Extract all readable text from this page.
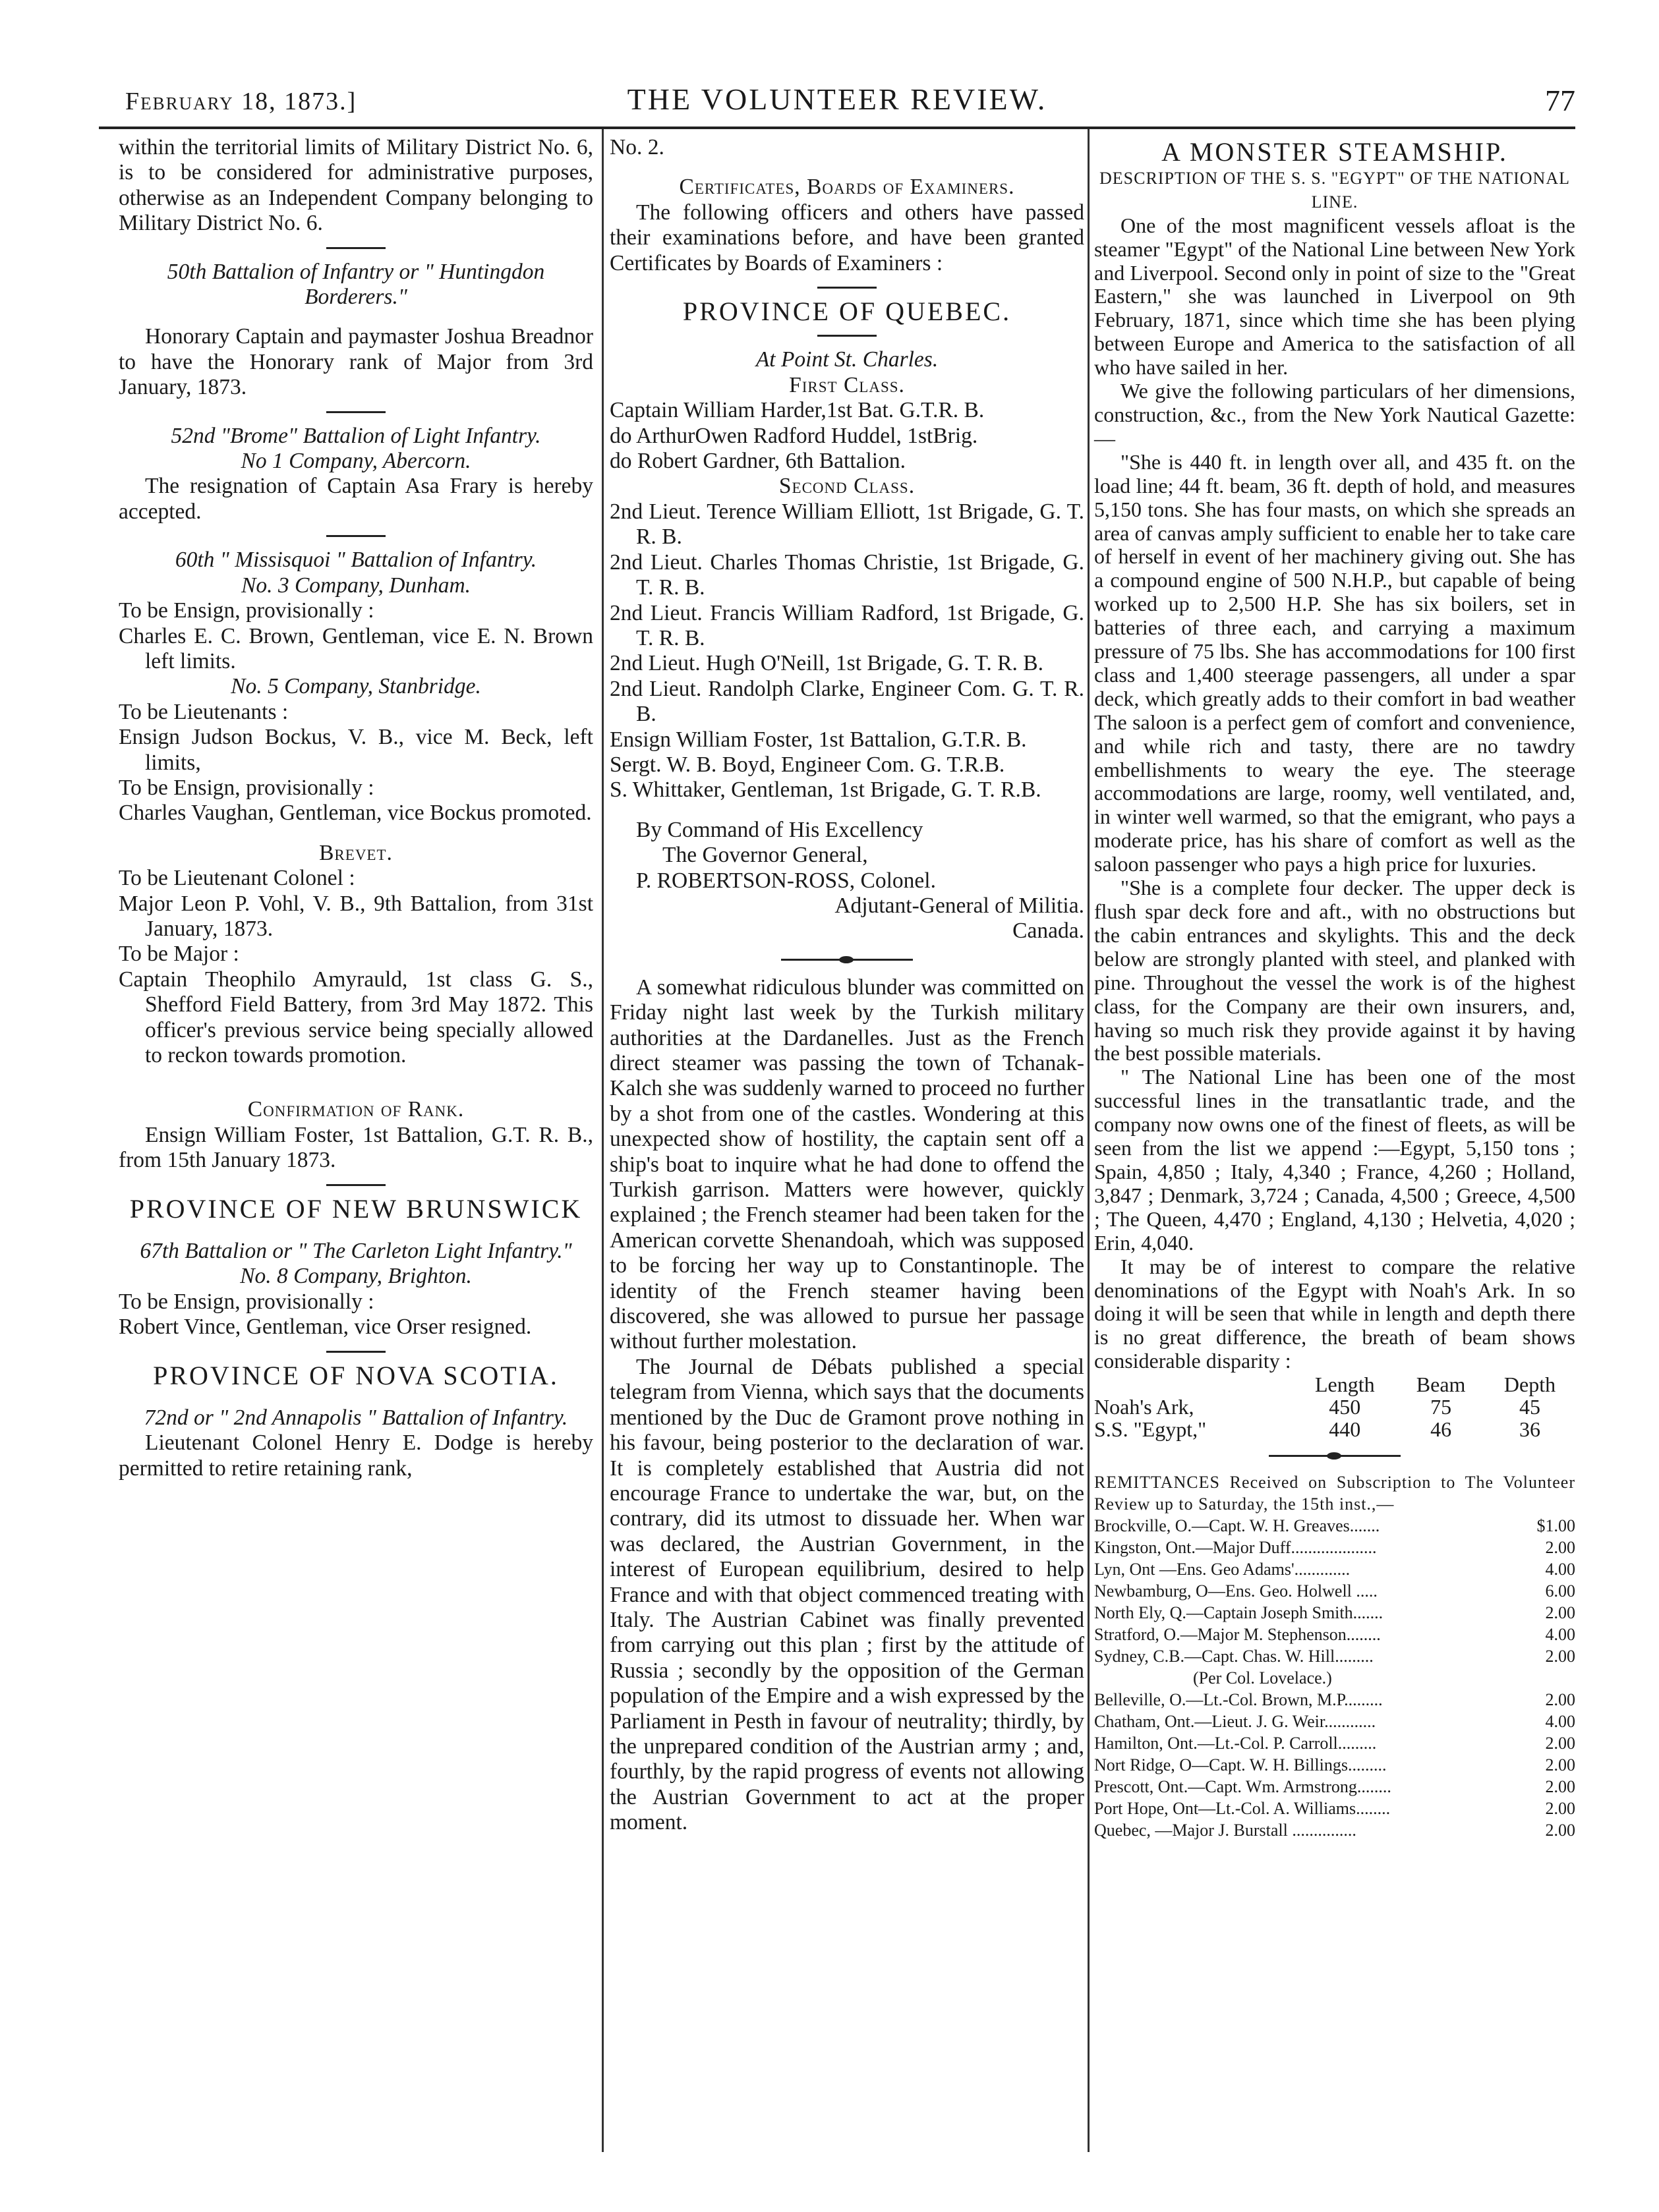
February 18, 1873.]	THE VOLUNTEER REVIEW.	77

within the territorial limits of Military District No. 6, is to be considered for administrative purposes, otherwise as an Independent Company belonging to Military District No. 6.

50th Battalion of Infantry or " Huntingdon Borderers."

Honorary Captain and paymaster Joshua Breadnor to have the Honorary rank of Major from 3rd January, 1873.

52nd "Brome" Battalion of Light Infantry.

No 1 Company, Abercorn.

The resignation of Captain Asa Frary is hereby accepted.

60th " Missisquoi " Battalion of Infantry.

No. 3 Company, Dunham.

To be Ensign, provisionally :

Charles E. C. Brown, Gentleman, vice E. N. Brown left limits.

No. 5 Company, Stanbridge.

To be Lieutenants :

Ensign Judson Bockus, V. B., vice M. Beck, left limits,

To be Ensign, provisionally :

Charles Vaughan, Gentleman, vice Bockus promoted.

Brevet.

To be Lieutenant Colonel :

Major Leon P. Vohl, V. B., 9th Battalion, from 31st January, 1873.

To be Major :

Captain Theophilo Amyrauld, 1st class G. S., Shefford Field Battery, from 3rd May 1872. This officer's previous service being specially allowed to reckon towards promotion.

Confirmation of Rank.

Ensign William Foster, 1st Battalion, G.T. R. B., from 15th January 1873.

PROVINCE OF NEW BRUNSWICK

67th Battalion or " The Carleton Light Infantry."

No. 8 Company, Brighton.

To be Ensign, provisionally :

Robert Vince, Gentleman, vice Orser resigned.

PROVINCE OF NOVA SCOTIA.

72nd or " 2nd Annapolis " Battalion of Infantry.

Lieutenant Colonel Henry E. Dodge is hereby permitted to retire retaining rank,

No. 2.

Certificates, Boards of Examiners.

The following officers and others have passed their examinations before, and have been granted Certificates by Boards of Examiners :

PROVINCE OF QUEBEC.

At Point St. Charles.

First Class.

Captain William Harder,1st Bat. G.T.R. B.

do ArthurOwen Radford Huddel, 1stBrig.

do Robert Gardner, 6th Battalion.

Second Class.

2nd Lieut. Terence William Elliott, 1st Brigade, G. T. R. B.

2nd Lieut. Charles Thomas Christie, 1st Brigade, G. T. R. B.

2nd Lieut. Francis William Radford, 1st Brigade, G. T. R. B.

2nd Lieut. Hugh O'Neill, 1st Brigade, G. T. R. B.

2nd Lieut. Randolph Clarke, Engineer Com. G. T. R. B.

Ensign William Foster, 1st Battalion, G.T.R. B.

Sergt. W. B. Boyd, Engineer Com. G. T.R.B.

S. Whittaker, Gentleman, 1st Brigade, G. T. R.B.

By Command of His Excellency

The Governor General,

P. ROBERTSON-ROSS, Colonel.

Adjutant-General of Militia.

Canada.

A somewhat ridiculous blunder was committed on Friday night last week by the Turkish military authorities at the Dardanelles. Just as the French direct steamer was passing the town of Tchanak-Kalch she was suddenly warned to proceed no further by a shot from one of the castles. Wondering at this unexpected show of hostility, the captain sent off a ship's boat to inquire what he had done to offend the Turkish garrison. Matters were however, quickly explained ; the French steamer had been taken for the American corvette Shenandoah, which was supposed to be forcing her way up to Constantinople. The identity of the French steamer having been discovered, she was allowed to pursue her passage without further molestation.

The Journal de Débats published a special telegram from Vienna, which says that the documents mentioned by the Duc de Gramont prove nothing in his favour, being posterior to the declaration of war. It is completely established that Austria did not encourage France to undertake the war, but, on the contrary, did its utmost to dissuade her. When war was declared, the Austrian Government, in the interest of European equilibrium, desired to help France and with that object commenced treating with Italy. The Austrian Cabinet was finally prevented from carrying out this plan ; first by the attitude of Russia ; secondly by the opposition of the German population of the Empire and a wish expressed by the Parliament in Pesth in favour of neutrality; thirdly, by the unprepared condition of the Austrian army ; and, fourthly, by the rapid progress of events not allowing the Austrian Government to act at the proper moment.

A MONSTER STEAMSHIP.

DESCRIPTION OF THE S. S. "EGYPT" OF THE NATIONAL LINE.

One of the most magnificent vessels afloat is the steamer "Egypt" of the National Line between New York and Liverpool. Second only in point of size to the "Great Eastern," she was launched in Liverpool on 9th February, 1871, since which time she has been plying between Europe and America to the satisfaction of all who have sailed in her.

We give the following particulars of her dimensions, construction, &c., from the New York Nautical Gazette:—

"She is 440 ft. in length over all, and 435 ft. on the load line; 44 ft. beam, 36 ft. depth of hold, and measures 5,150 tons. She has four masts, on which she spreads an area of canvas amply sufficient to enable her to take care of herself in event of her machinery giving out. She has a compound engine of 500 N.H.P., but capable of being worked up to 2,500 H.P. She has six boilers, set in batteries of three each, and carrying a maximum pressure of 75 lbs. She has accommodations for 100 first class and 1,400 steerage passengers, all under a spar deck, which greatly adds to their comfort in bad weather The saloon is a perfect gem of comfort and convenience, and while rich and tasty, there are no tawdry embellishments to weary the eye. The steerage accommodations are large, roomy, well ventilated, and, in winter well warmed, so that the emigrant, who pays a moderate price, has his share of comfort as well as the saloon passenger who pays a high price for luxuries.

"She is a complete four decker. The upper deck is flush spar deck fore and aft., with no obstructions but the cabin entrances and skylights. This and the deck below are strongly planted with steel, and planked with pine. Throughout the vessel the work is of the highest class, for the Company are their own insurers, and, having so much risk they provide against it by having the best possible materials.

" The National Line has been one of the most successful lines in the transatlantic trade, and the company now owns one of the finest of fleets, as will be seen from the list we append :—Egypt, 5,150 tons ; Spain, 4,850 ; Italy, 4,340 ; France, 4,260 ; Holland, 3,847 ; Denmark, 3,724 ; Canada, 4,500 ; Greece, 4,500 ; The Queen, 4,470 ; England, 4,130 ; Helvetia, 4,020 ; Erin, 4,040.

It may be of interest to compare the relative denominations of the Egypt with Noah's Ark. In so doing it will be seen that while in length and depth there is no great difference, the breath of beam shows considerable disparity :

	Length	Beam	Depth
Noah's Ark,	450	75	45
S.S. "Egypt,"	440	46	36

REMITTANCES Received on Subscription to The Volunteer Review up to Saturday, the 15th inst.,—

Brockville, O.—Capt. W. H. Greaves.......	$1.00
Kingston, Ont.—Major Duff....................	2.00
Lyn, Ont —Ens. Geo Adams'.............	4.00
Newbamburg, O—Ens. Geo. Holwell .....	6.00
North Ely, Q.—Captain Joseph Smith.......	2.00
Stratford, O.—Major M. Stephenson........	4.00
Sydney, C.B.—Capt. Chas. W. Hill.........	2.00
(Per Col. Lovelace.)
Belleville, O.—Lt.-Col. Brown, M.P.........	2.00
Chatham, Ont.—Lieut. J. G. Weir............	4.00
Hamilton, Ont.—Lt.-Col. P. Carroll.........	2.00
Nort Ridge, O—Capt. W. H. Billings.........	2.00
Prescott, Ont.—Capt. Wm. Armstrong........	2.00
Port Hope, Ont—Lt.-Col. A. Williams........	2.00
Quebec, —Major J. Burstall ...............	2.00
